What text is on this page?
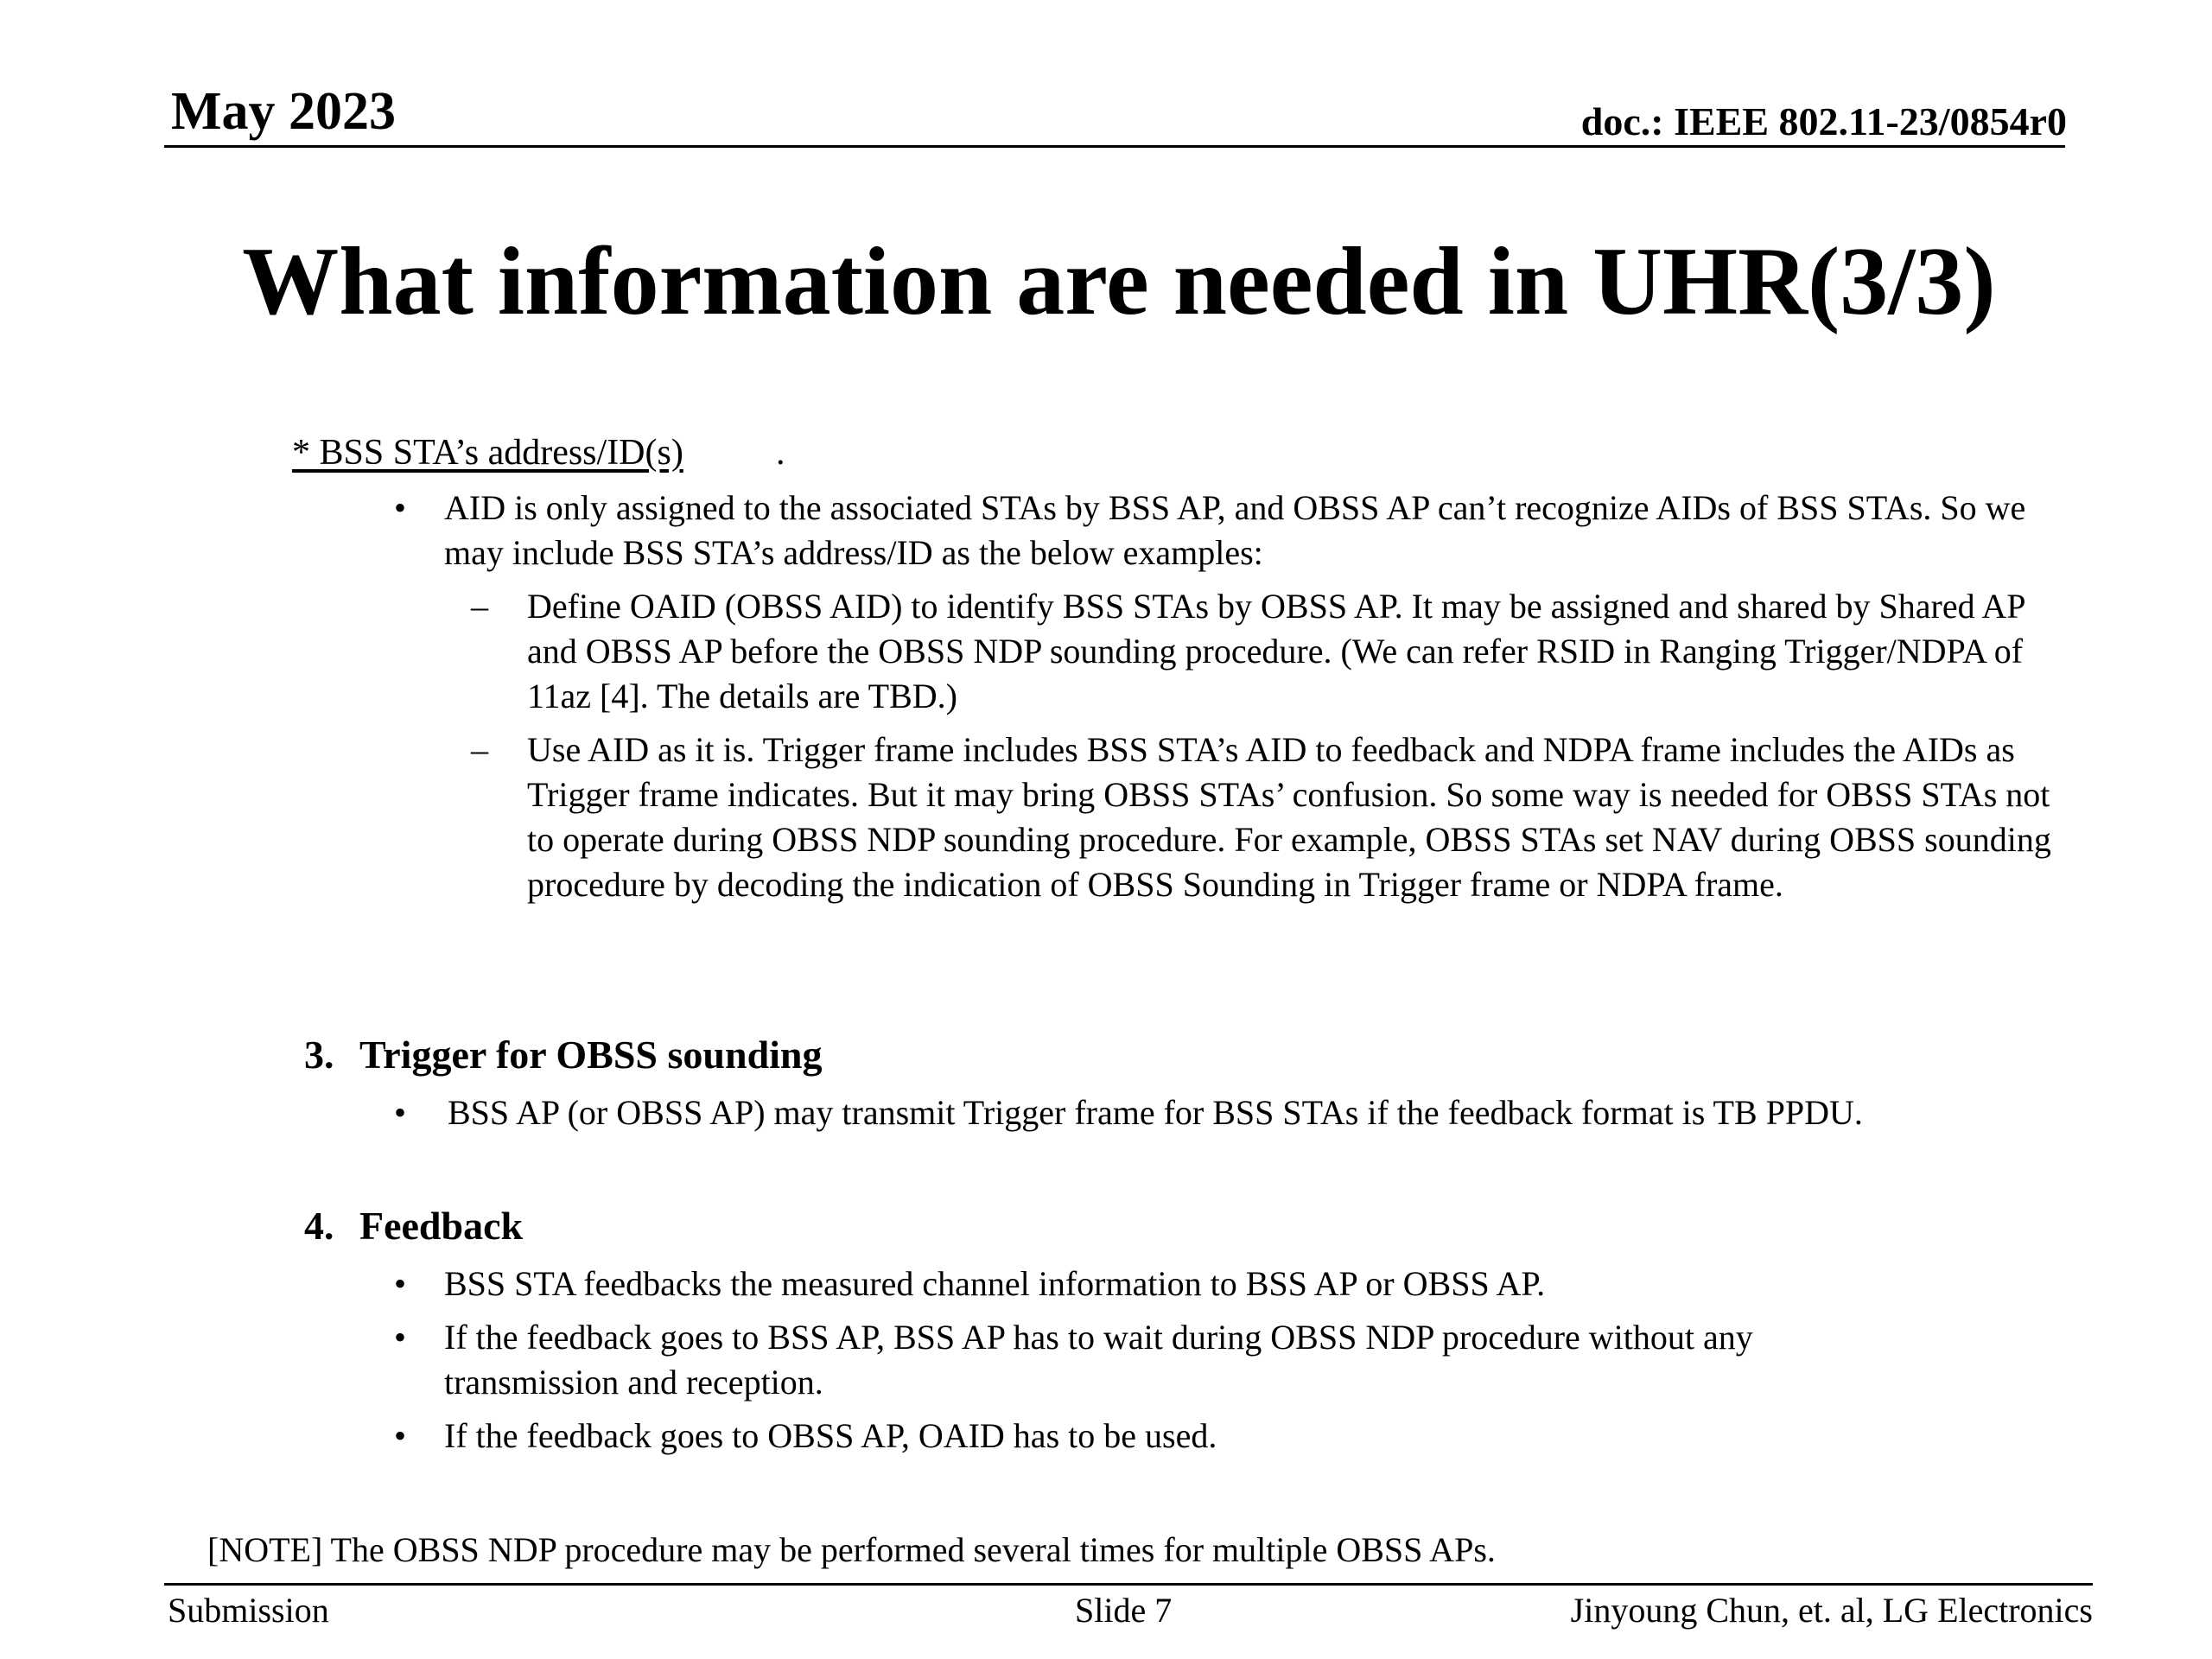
May 2023	doc.: IEEE 802.11-23/0854r0
What information are needed in UHR(3/3)
* BSS STA’s address/ID(s)	.
• AID is only assigned to the associated STAs by BSS AP, and OBSS AP can’t recognize AIDs of BSS STAs. So we may include BSS STA’s address/ID as the below examples:
– Define OAID (OBSS AID) to identify BSS STAs by OBSS AP. It may be assigned and shared by Shared AP and OBSS AP before the OBSS NDP sounding procedure. (We can refer RSID in Ranging Trigger/NDPA of 11az [4]. The details are TBD.)
– Use AID as it is. Trigger frame includes BSS STA’s AID to feedback and NDPA frame includes the AIDs as Trigger frame indicates. But it may bring OBSS STAs’ confusion. So some way is needed for OBSS STAs not to operate during OBSS NDP sounding procedure. For example, OBSS STAs set NAV during OBSS sounding procedure by decoding the indication of OBSS Sounding in Trigger frame or NDPA frame.
3. Trigger for OBSS sounding
• BSS AP (or OBSS AP) may transmit Trigger frame for BSS STAs if the feedback format is TB PPDU.
4. Feedback
• BSS STA feedbacks the measured channel information to BSS AP or OBSS AP.
• If the feedback goes to BSS AP, BSS AP has to wait during OBSS NDP procedure without any transmission and reception.
• If the feedback goes to OBSS AP, OAID has to be used.
[NOTE] The OBSS NDP procedure may be performed several times for multiple OBSS APs.
Submission	Slide 7	Jinyoung Chun, et. al, LG Electronics
